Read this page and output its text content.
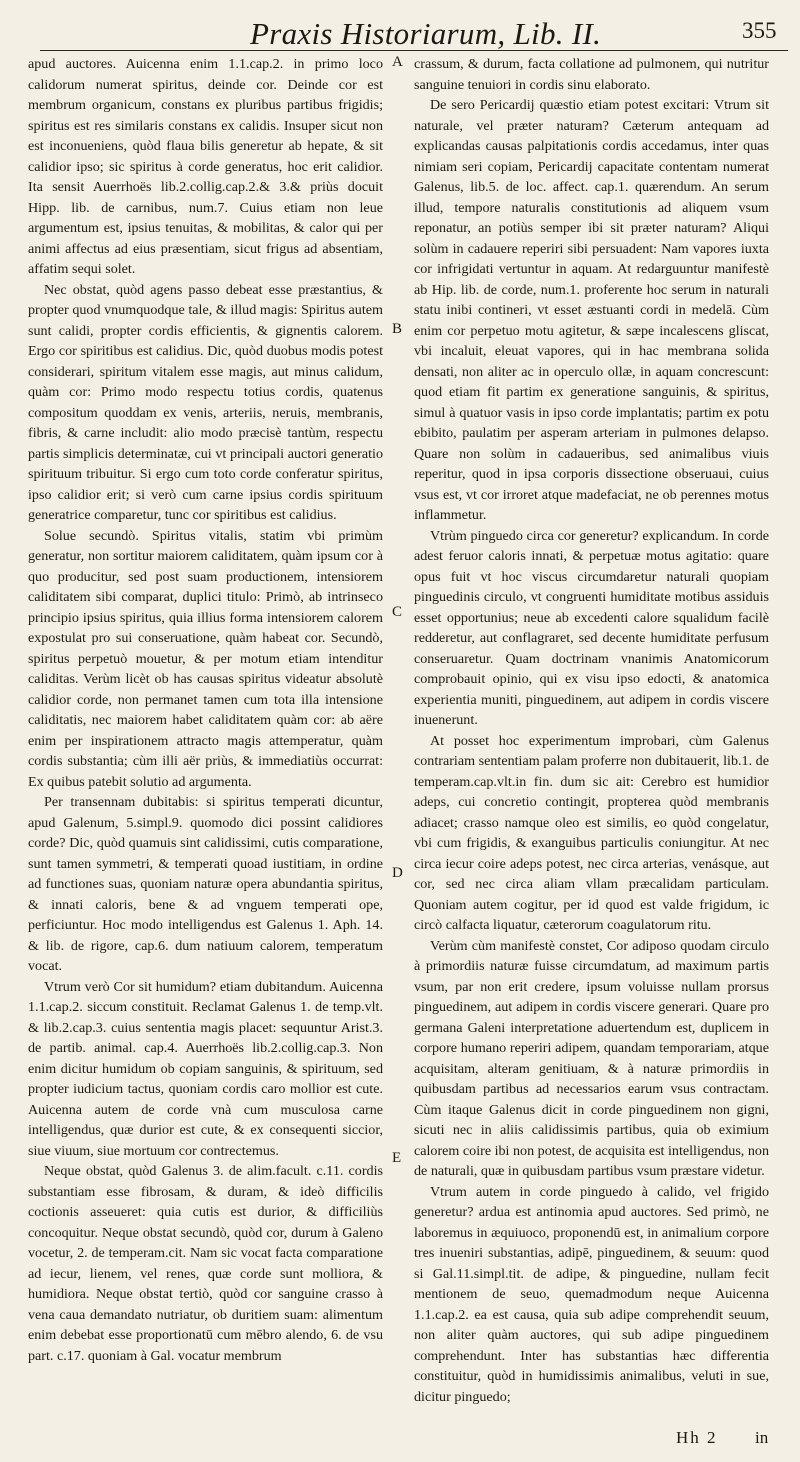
Praxis Historiarum, Lib. II.	355

apud auctores. Auicenna enim 1.1.cap.2. in primo loco calidorum numerat spiritus, deinde cor. Deinde cor est membrum organicum, constans ex pluribus partibus frigidis; spiritus est res similaris constans ex calidis. Insuper sicut non est inconueniens, quòd flaua bilis generetur ab hepate, & sit calidior ipso; sic spiritus à corde generatus, hoc erit calidior. Ita sensit Auerrhoës lib.2.collig.cap.2.& 3.& priùs docuit Hipp. lib. de carnibus, num.7. Cuius etiam non leue argumentum est, ipsius tenuitas, & mobilitas, & calor qui per animi affectus ad eius præsentiam, sicut frigus ad absentiam, affatim sequi solet.

Nec obstat, quòd agens passo debeat esse præstantius, & propter quod vnumquodque tale, & illud magis: Spiritus autem sunt calidi, propter cordis efficientis, & gignentis calorem. Ergo cor spiritibus est calidius. Dic, quòd duobus modis potest considerari, spiritum vitalem esse magis, aut minus calidum, quàm cor: Primo modo respectu totius cordis, quatenus compositum quoddam ex venis, arteriis, neruis, membranis, fibris, & carne includit: alio modo præcisè tantùm, respectu partis simplicis determinatæ, cui vt principali auctori generatio spirituum tribuitur. Si ergo cum toto corde conferatur spiritus, ipso calidior erit; si verò cum carne ipsius cordis spirituum generatrice comparetur, tunc cor spiritibus est calidius.

Solue secundò. Spiritus vitalis, statim vbi primùm generatur, non sortitur maiorem caliditatem, quàm ipsum cor à quo producitur, sed post suam productionem, intensiorem caliditatem sibi comparat, duplici titulo: Primò, ab intrinseco principio ipsius spiritus, quia illius forma intensiorem calorem expostulat pro sui conseruatione, quàm habeat cor. Secundò, spiritus perpetuò mouetur, & per motum etiam intenditur caliditas. Verùm licèt ob has causas spiritus videatur absolutè calidior corde, non permanet tamen cum tota illa intensione caliditatis, nec maiorem habet caliditatem quàm cor: ab aëre enim per inspirationem attracto magis attemperatur, quàm cordis substantia; cùm illi aër priùs, & immediatiùs occurrat: Ex quibus patebit solutio ad argumenta.

Per transennam dubitabis: si spiritus temperati dicuntur, apud Galenum, 5.simpl.9. quomodo dici possint calidiores corde? Dic, quòd quamuis sint calidissimi, cutis comparatione, sunt tamen symmetri, & temperati quoad iustitiam, in ordine ad functiones suas, quoniam naturæ opera abundantia spiritus, & innati caloris, bene & ad vnguem temperati ope, perficiuntur. Hoc modo intelligendus est Galenus 1. Aph. 14. & lib. de rigore, cap.6. dum natiuum calorem, temperatum vocat.

Vtrum verò Cor sit humidum? etiam dubitandum. Auicenna 1.1.cap.2. siccum constituit. Reclamat Galenus 1. de temp.vlt. & lib.2.cap.3. cuius sententia magis placet: sequuntur Arist.3. de partib. animal. cap.4. Auerrhoës lib.2.collig.cap.3. Non enim dicitur humidum ob copiam sanguinis, & spirituum, sed propter iudicium tactus, quoniam cordis caro mollior est cute. Auicenna autem de corde vnà cum musculosa carne intelligendus, quæ durior est cute, & ex consequenti siccior, siue viuum, siue mortuum cor contrectemus.

Neque obstat, quòd Galenus 3. de alim.facult. c.11. cordis substantiam esse fibrosam, & duram, & ideò difficilis coctionis asseueret: quia cutis est durior, & difficiliùs concoquitur. Neque obstat secundò, quòd cor, durum à Galeno vocetur, 2. de temperam.cit. Nam sic vocat facta comparatione ad iecur, lienem, vel renes, quæ corde sunt molliora, & humidiora. Neque obstat tertiò, quòd cor sanguine crasso à vena caua demandato nutriatur, ob duritiem suam: alimentum enim debebat esse proportionatū cum mēbro alendo, 6. de vsu part. c.17. quoniam à Gal. vocatur membrum

A
B
C
D
E

crassum, & durum, facta collatione ad pulmonem, qui nutritur sanguine tenuiori in cordis sinu elaborato.

De sero Pericardij quæstio etiam potest excitari: Vtrum sit naturale, vel præter naturam? Cæterum antequam ad explicandas causas palpitationis cordis accedamus, inter quas nimiam seri copiam, Pericardij capacitate contentam numerat Galenus, lib.5. de loc. affect. cap.1. quærendum. An serum illud, tempore naturalis constitutionis ad aliquem vsum reponatur, an potiùs semper ibi sit præter naturam? Aliqui solùm in cadauere reperiri sibi persuadent: Nam vapores iuxta cor infrigidati vertuntur in aquam. At redarguuntur manifestè ab Hip. lib. de corde, num.1. proferente hoc serum in naturali statu inibi contineri, vt esset æstuanti cordi in medelā. Cùm enim cor perpetuo motu agitetur, & sæpe incalescens gliscat, vbi incaluit, eleuat vapores, qui in hac membrana solida densati, non aliter ac in operculo ollæ, in aquam concrescunt: quod etiam fit partim ex generatione sanguinis, & spiritus, simul à quatuor vasis in ipso corde implantatis; partim ex potu ebibito, paulatim per asperam arteriam in pulmones delapso. Quare non solùm in cadaueribus, sed animalibus viuis reperitur, quod in ipsa corporis dissectione obseruaui, cuius vsus est, vt cor irroret atque madefaciat, ne ob perennes motus inflammetur.

Vtrùm pinguedo circa cor generetur? explicandum. In corde adest feruor caloris innati, & perpetuæ motus agitatio: quare opus fuit vt hoc viscus circumdaretur naturali quopiam pinguedinis circulo, vt congruenti humiditate motibus assiduis esset opportunius; neue ab excedenti calore squalidum facilè redderetur, aut conflagraret, sed decente humiditate perfusum conseruaretur. Quam doctrinam vnanimis Anatomicorum comprobauit opinio, qui ex visu ipso edocti, & anatomica experientia muniti, pinguedinem, aut adipem in cordis viscere inuenerunt.

At posset hoc experimentum improbari, cùm Galenus contrariam sententiam palam proferre non dubitauerit, lib.1. de temperam.cap.vlt.in fin. dum sic ait: Cerebro est humidior adeps, cui concretio contingit, propterea quòd membranis adiacet; crasso namque oleo est similis, eo quòd congelatur, vbi cum frigidis, & exanguibus particulis coniungitur. At nec circa iecur coire adeps potest, nec circa arterias, venásque, aut cor, sed nec circa aliam vllam præcalidam particulam. Quoniam autem cogitur, per id quod est valde frigidum, ic circò calfacta liquatur, cæterorum coagulatorum ritu.

Verùm cùm manifestè constet, Cor adiposo quodam circulo à primordiis naturæ fuisse circumdatum, ad maximum partis vsum, par non erit credere, ipsum voluisse nullam prorsus pinguedinem, aut adipem in cordis viscere generari. Quare pro germana Galeni interpretatione aduertendum est, duplicem in corpore humano reperiri adipem, quandam temporariam, atque acquisitam, alteram genitiuam, & à naturæ primordiis in quibusdam partibus ad necessarios earum vsus contractam. Cùm itaque Galenus dicit in corde pinguedinem non gigni, sicuti nec in aliis calidissimis partibus, quia ob eximium calorem coire ibi non potest, de acquisita est intelligendus, non de naturali, quæ in quibusdam partibus vsum præstare videtur.

Vtrum autem in corde pinguedo à calido, vel frigido generetur? ardua est antinomia apud auctores. Sed primò, ne laboremus in æquiuoco, proponendū est, in animalium corpore tres inueniri substantias, adipē, pinguedinem, & seuum: quod si Gal.11.simpl.tit. de adipe, & pinguedine, nullam fecit mentionem de seuo, quemadmodum neque Auicenna 1.1.cap.2. ea est causa, quia sub adipe comprehendit seuum, non aliter quàm auctores, qui sub adipe pinguedinem comprehendunt. Inter has substantias hæc differentia constituitur, quòd in humidissimis animalibus, veluti in sue, dicitur pinguedo;

Hh 2 in
